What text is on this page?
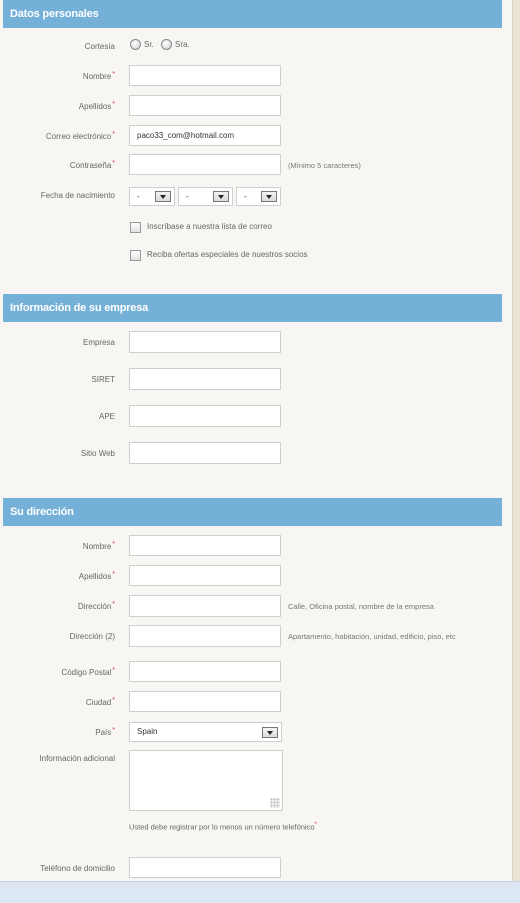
Datos personales
Cortesía	Sr.	Sra.
Nombre*
Apellidos*
Correo electrónico*	paco33_com@hotmail.com
Contraseña*	(Mínimo 5 caracteres)
Fecha de nacimiento	-	-	-
Inscríbase a nuestra lista de correo
Reciba ofertas especiales de nuestros socios
Información de su empresa
Empresa
SIRET
APE
Sitio Web
Su dirección
Nombre*
Apellidos*
Dirección*	Calle, Oficina postal, nombre de la empresa
Dirección (2)	Apartamento, habitación, unidad, edificio, piso, etc
Código Postal*
Ciudad*
País*	Spain
Información adicional
Usted debe registrar por lo menos un número telefónico*
Teléfono de domicilio
